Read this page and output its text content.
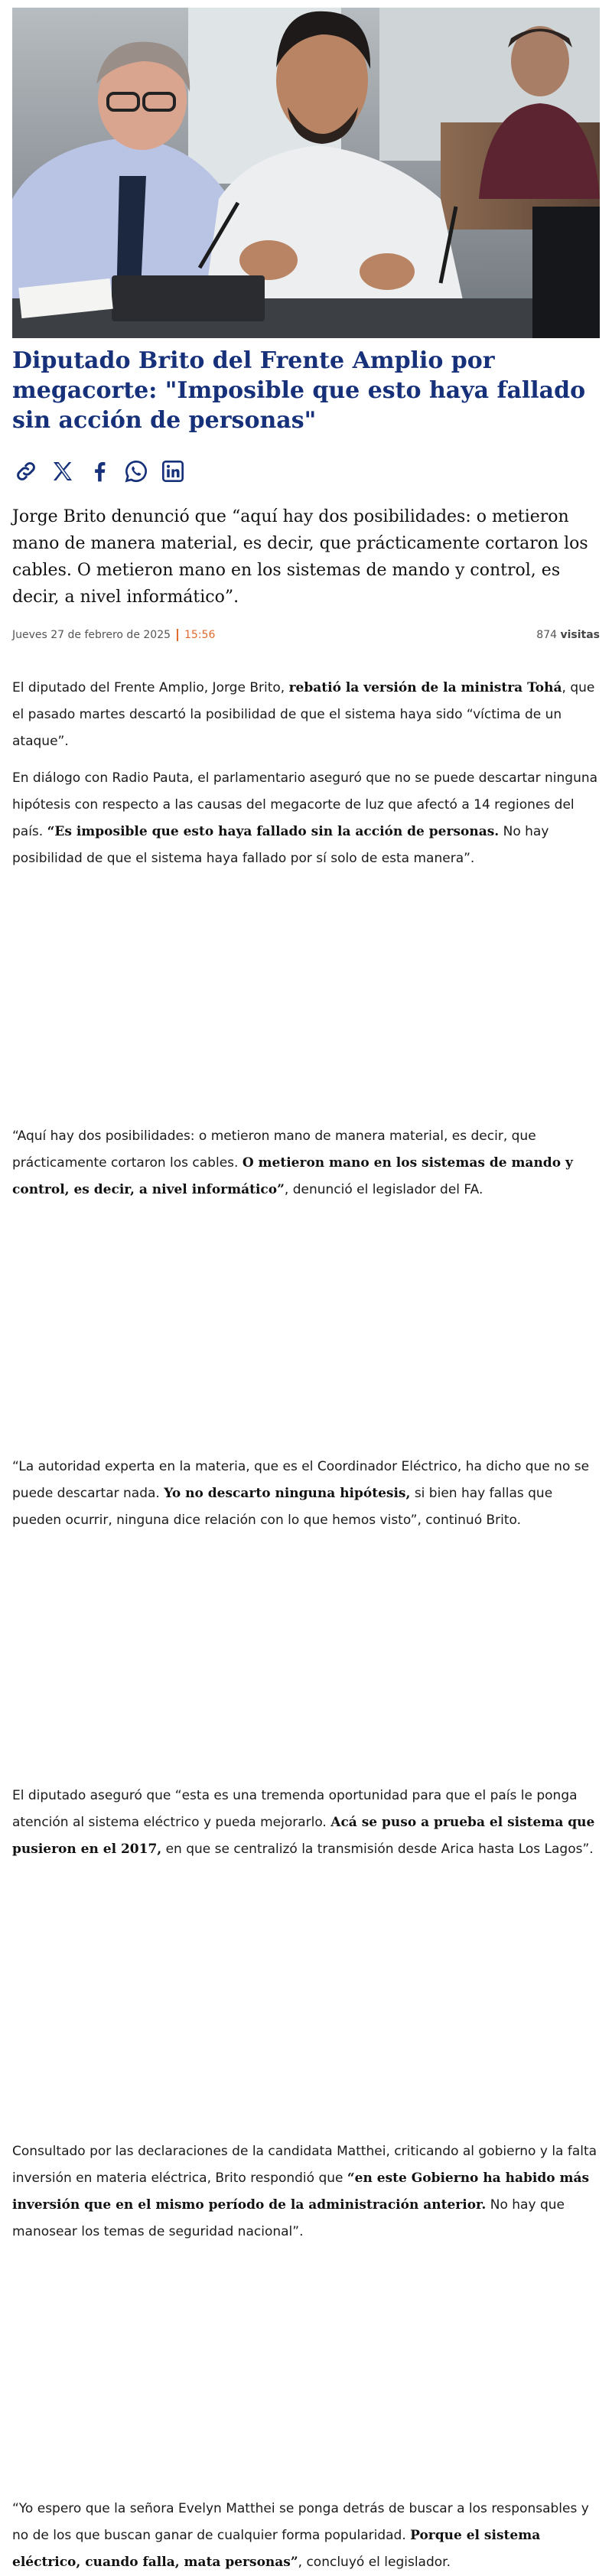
Diputado Brito del Frente Amplio por megacorte: "Imposible que esto haya fallado sin acción de personas"

Jorge Brito denunció que “aquí hay dos posibilidades: o metieron mano de manera material, es decir, que prácticamente cortaron los cables. O metieron mano en los sistemas de mando y control, es decir, a nivel informático”.

Jueves 27 de febrero de 2025	15:56	874 visitas

El diputado del Frente Amplio, Jorge Brito, rebatió la versión de la ministra Tohá, que el pasado martes descartó la posibilidad de que el sistema haya sido “víctima de un ataque”.

En diálogo con Radio Pauta, el parlamentario aseguró que no se puede descartar ninguna hipótesis con respecto a las causas del megacorte de luz que afectó a 14 regiones del país. “Es imposible que esto haya fallado sin la acción de personas. No hay posibilidad de que el sistema haya fallado por sí solo de esta manera”.

“Aquí hay dos posibilidades: o metieron mano de manera material, es decir, que prácticamente cortaron los cables. O metieron mano en los sistemas de mando y control, es decir, a nivel informático”, denunció el legislador del FA.

“La autoridad experta en la materia, que es el Coordinador Eléctrico, ha dicho que no se puede descartar nada. Yo no descarto ninguna hipótesis, si bien hay fallas que pueden ocurrir, ninguna dice relación con lo que hemos visto”, continuó Brito.

El diputado aseguró que “esta es una tremenda oportunidad para que el país le ponga atención al sistema eléctrico y pueda mejorarlo. Acá se puso a prueba el sistema que pusieron en el 2017, en que se centralizó la transmisión desde Arica hasta Los Lagos”.

Consultado por las declaraciones de la candidata Matthei, criticando al gobierno y la falta inversión en materia eléctrica, Brito respondió que “en este Gobierno ha habido más inversión que en el mismo período de la administración anterior. No hay que manosear los temas de seguridad nacional”.

“Yo espero que la señora Evelyn Matthei se ponga detrás de buscar a los responsables y no de los que buscan ganar de cualquier forma popularidad. Porque el sistema eléctrico, cuando falla, mata personas”, concluyó el legislador.
